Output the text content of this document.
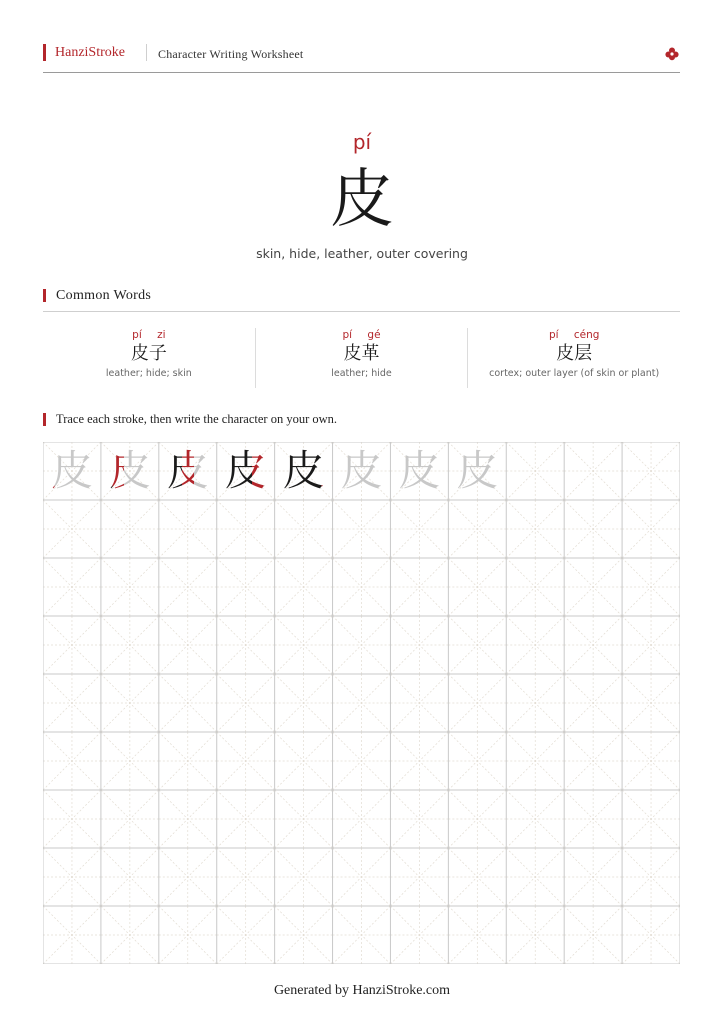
HanziStroke	Character Writing Worksheet
pí
皮
skin, hide, leather, outer covering
Common Words
pí zi
皮子
leather; hide; skin
pí gé
皮革
leather; hide
pí céng
皮层
cortex; outer layer (of skin or plant)
Trace each stroke, then write the character on your own.
皮 皮 皮 皮 皮 皮 皮 皮
Generated by HanziStroke.com
